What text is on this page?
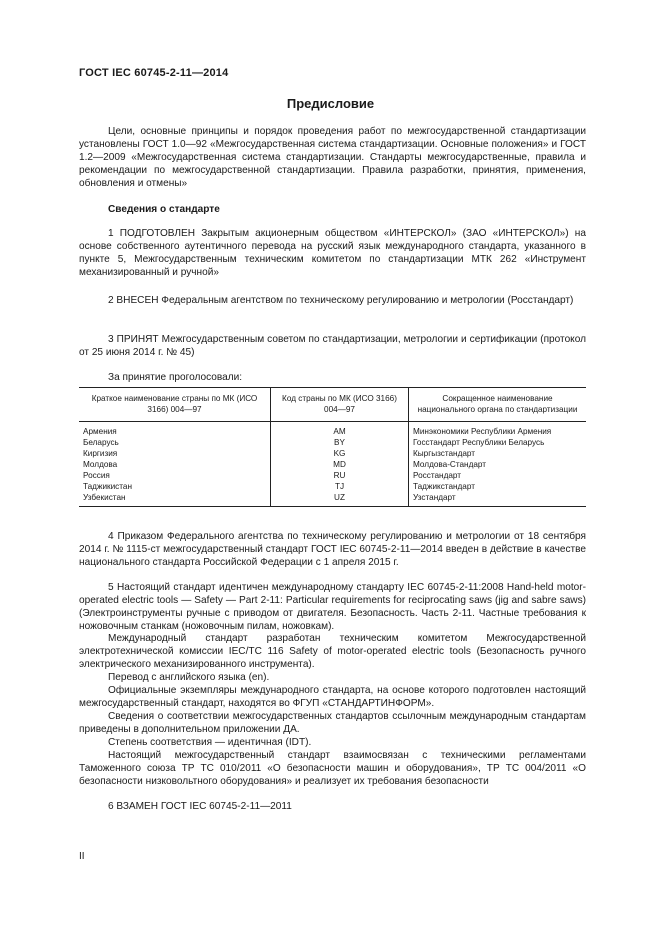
ГОСТ IEC 60745-2-11—2014
Предисловие
Цели, основные принципы и порядок проведения работ по межгосударственной стандартизации установлены ГОСТ 1.0—92 «Межгосударственная система стандартизации. Основные положения» и ГОСТ 1.2—2009 «Межгосударственная система стандартизации. Стандарты межгосударственные, правила и рекомендации по межгосударственной стандартизации. Правила разработки, принятия, применения, обновления и отмены»
Сведения о стандарте
1 ПОДГОТОВЛЕН Закрытым акционерным обществом «ИНТЕРСКОЛ» (ЗАО «ИНТЕРСКОЛ») на основе собственного аутентичного перевода на русский язык международного стандарта, указанного в пункте 5, Межгосударственным техническим комитетом по стандартизации МТК 262 «Инструмент механизированный и ручной»
2 ВНЕСЕН Федеральным агентством по техническому регулированию и метрологии (Росстандарт)
3 ПРИНЯТ Межгосударственным советом по стандартизации, метрологии и сертификации (протокол от 25 июня 2014 г. № 45)
За принятие проголосовали:
Краткое наименование страны по МК (ИСО 3166) 004—97	Код страны по МК (ИСО 3166) 004—97	Сокращенное наименование национального органа по стандартизации
Армения	AM	Минэкономики Республики Армения
Беларусь	BY	Госстандарт Республики Беларусь
Киргизия	KG	Кыргызстандарт
Молдова	MD	Молдова-Стандарт
Россия	RU	Росстандарт
Таджикистан	TJ	Таджикстандарт
Узбекистан	UZ	Узстандарт
4 Приказом Федерального агентства по техническому регулированию и метрологии от 18 сентября 2014 г. № 1115-ст межгосударственный стандарт ГОСТ IEC 60745-2-11—2014 введен в действие в качестве национального стандарта Российской Федерации с 1 апреля 2015 г.
5 Настоящий стандарт идентичен международному стандарту IEC 60745-2-11:2008 Hand-held motor-operated electric tools — Safety — Part 2-11: Particular requirements for reciprocating saws (jig and sabre saws) (Электроинструменты ручные с приводом от двигателя. Безопасность. Часть 2-11. Частные требования к ножовочным станкам (ножовочным пилам, ножовкам).
Международный стандарт разработан техническим комитетом Межгосударственной электротехнической комиссии IEC/TC 116 Safety of motor-operated electric tools (Безопасность ручного электрического механизированного инструмента).
Перевод с английского языка (en).
Официальные экземпляры международного стандарта, на основе которого подготовлен настоящий межгосударственный стандарт, находятся во ФГУП «СТАНДАРТИНФОРМ».
Сведения о соответствии межгосударственных стандартов ссылочным международным стандартам приведены в дополнительном приложении ДА.
Степень соответствия — идентичная (IDT).
Настоящий межгосударственный стандарт взаимосвязан с техническими регламентами Таможенного союза ТР ТС 010/2011 «О безопасности машин и оборудования», ТР ТС 004/2011 «О безопасности низковольтного оборудования» и реализует их требования безопасности
6 ВЗАМЕН ГОСТ IEC 60745-2-11—2011
II
